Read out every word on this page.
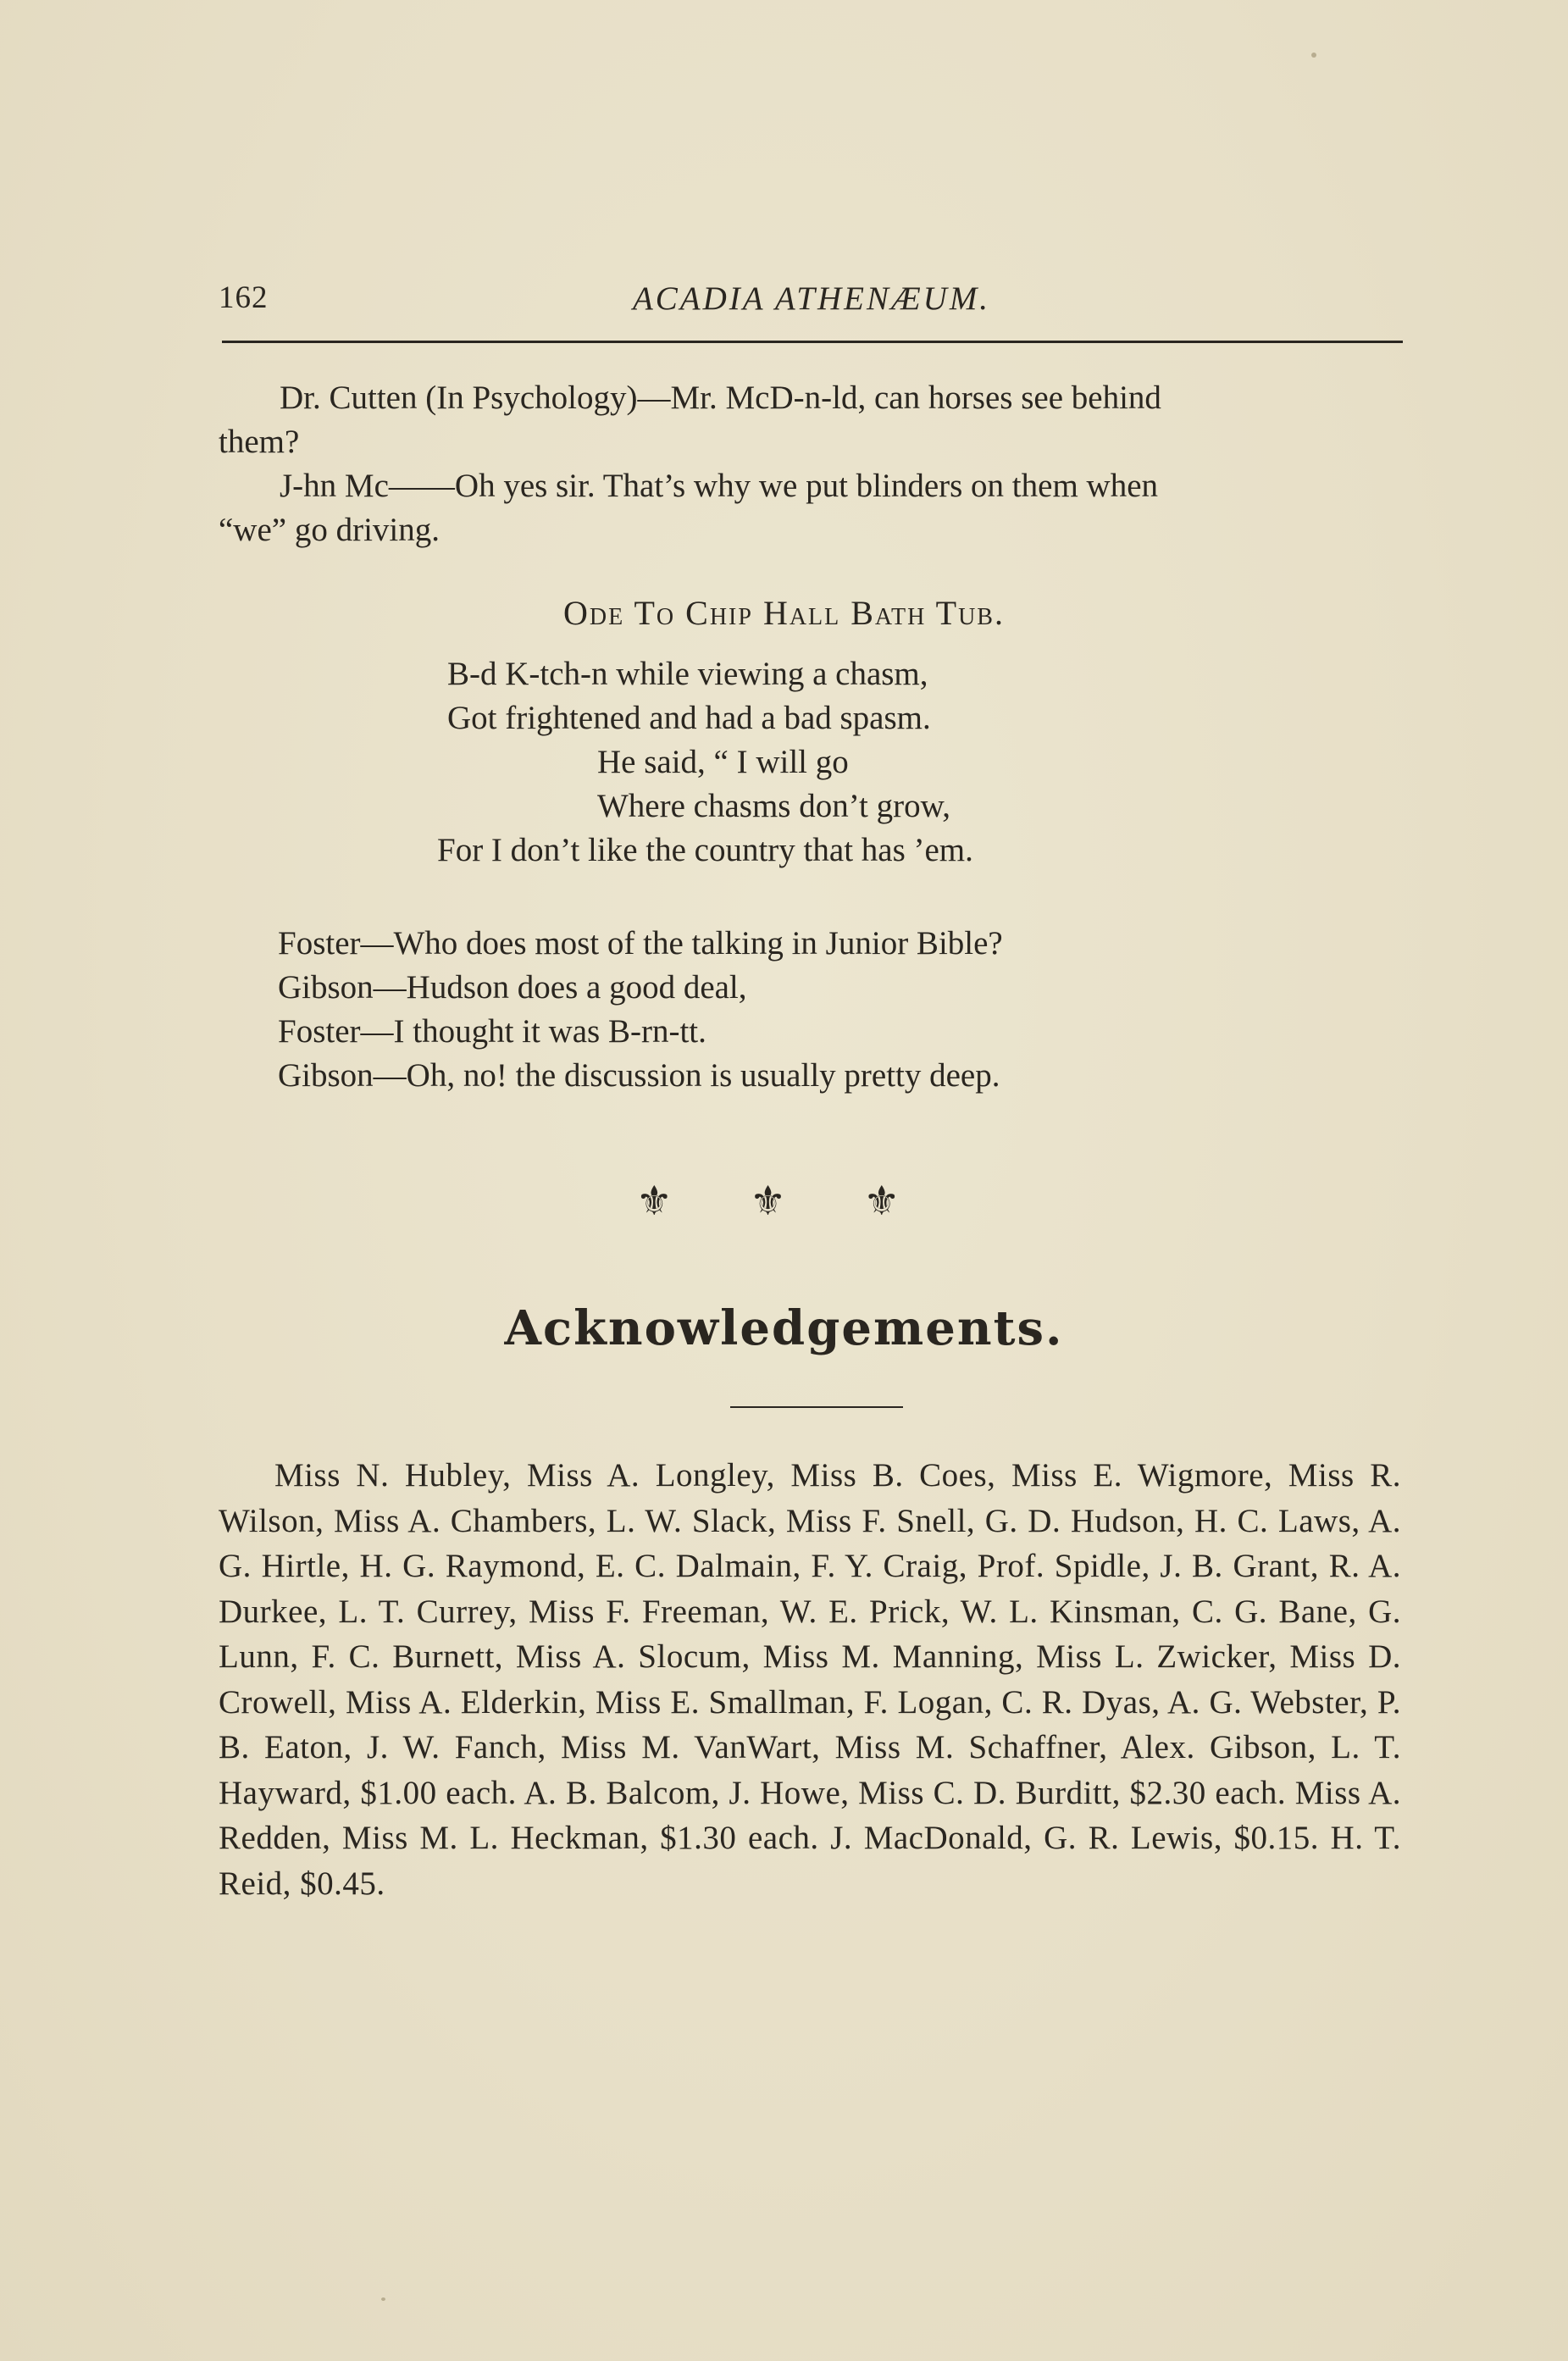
162	ACADIA ATHENÆUM.
Dr. Cutten (In Psychology)—Mr. McD-n-ld, can horses see behind
them?
J-hn Mc——Oh yes sir. That’s why we put blinders on them when
“we” go driving.
Ode To Chip Hall Bath Tub.
B-d K-tch-n while viewing a chasm,
Got frightened and had a bad spasm.
He said, “ I will go
Where chasms don’t grow,
For I don’t like the country that has ’em.
Foster—Who does most of the talking in Junior Bible?
Gibson—Hudson does a good deal,
Foster—I thought it was B-rn-tt.
Gibson—Oh, no! the discussion is usually pretty deep.
⚜ ⚜ ⚜
Acknowledgements.
Miss N. Hubley, Miss A. Longley, Miss B. Coes, Miss E. Wigmore, Miss R. Wilson, Miss A. Chambers, L. W. Slack, Miss F. Snell, G. D. Hudson, H. C. Laws, A. G. Hirtle, H. G. Raymond, E. C. Dalmain, F. Y. Craig, Prof. Spidle, J. B. Grant, R. A. Durkee, L. T. Currey, Miss F. Freeman, W. E. Prick, W. L. Kinsman, C. G. Bane, G. Lunn, F. C. Burnett, Miss A. Slocum, Miss M. Manning, Miss L. Zwicker, Miss D. Crowell, Miss A. Elderkin, Miss E. Smallman, F. Logan, C. R. Dyas, A. G. Webster, P. B. Eaton, J. W. Fanch, Miss M. VanWart, Miss M. Schaffner, Alex. Gibson, L. T. Hayward, $1.00 each. A. B. Balcom, J. Howe, Miss C. D. Burditt, $2.30 each. Miss A. Redden, Miss M. L. Heckman, $1.30 each. J. MacDonald, G. R. Lewis, $0.15. H. T. Reid, $0.45.
